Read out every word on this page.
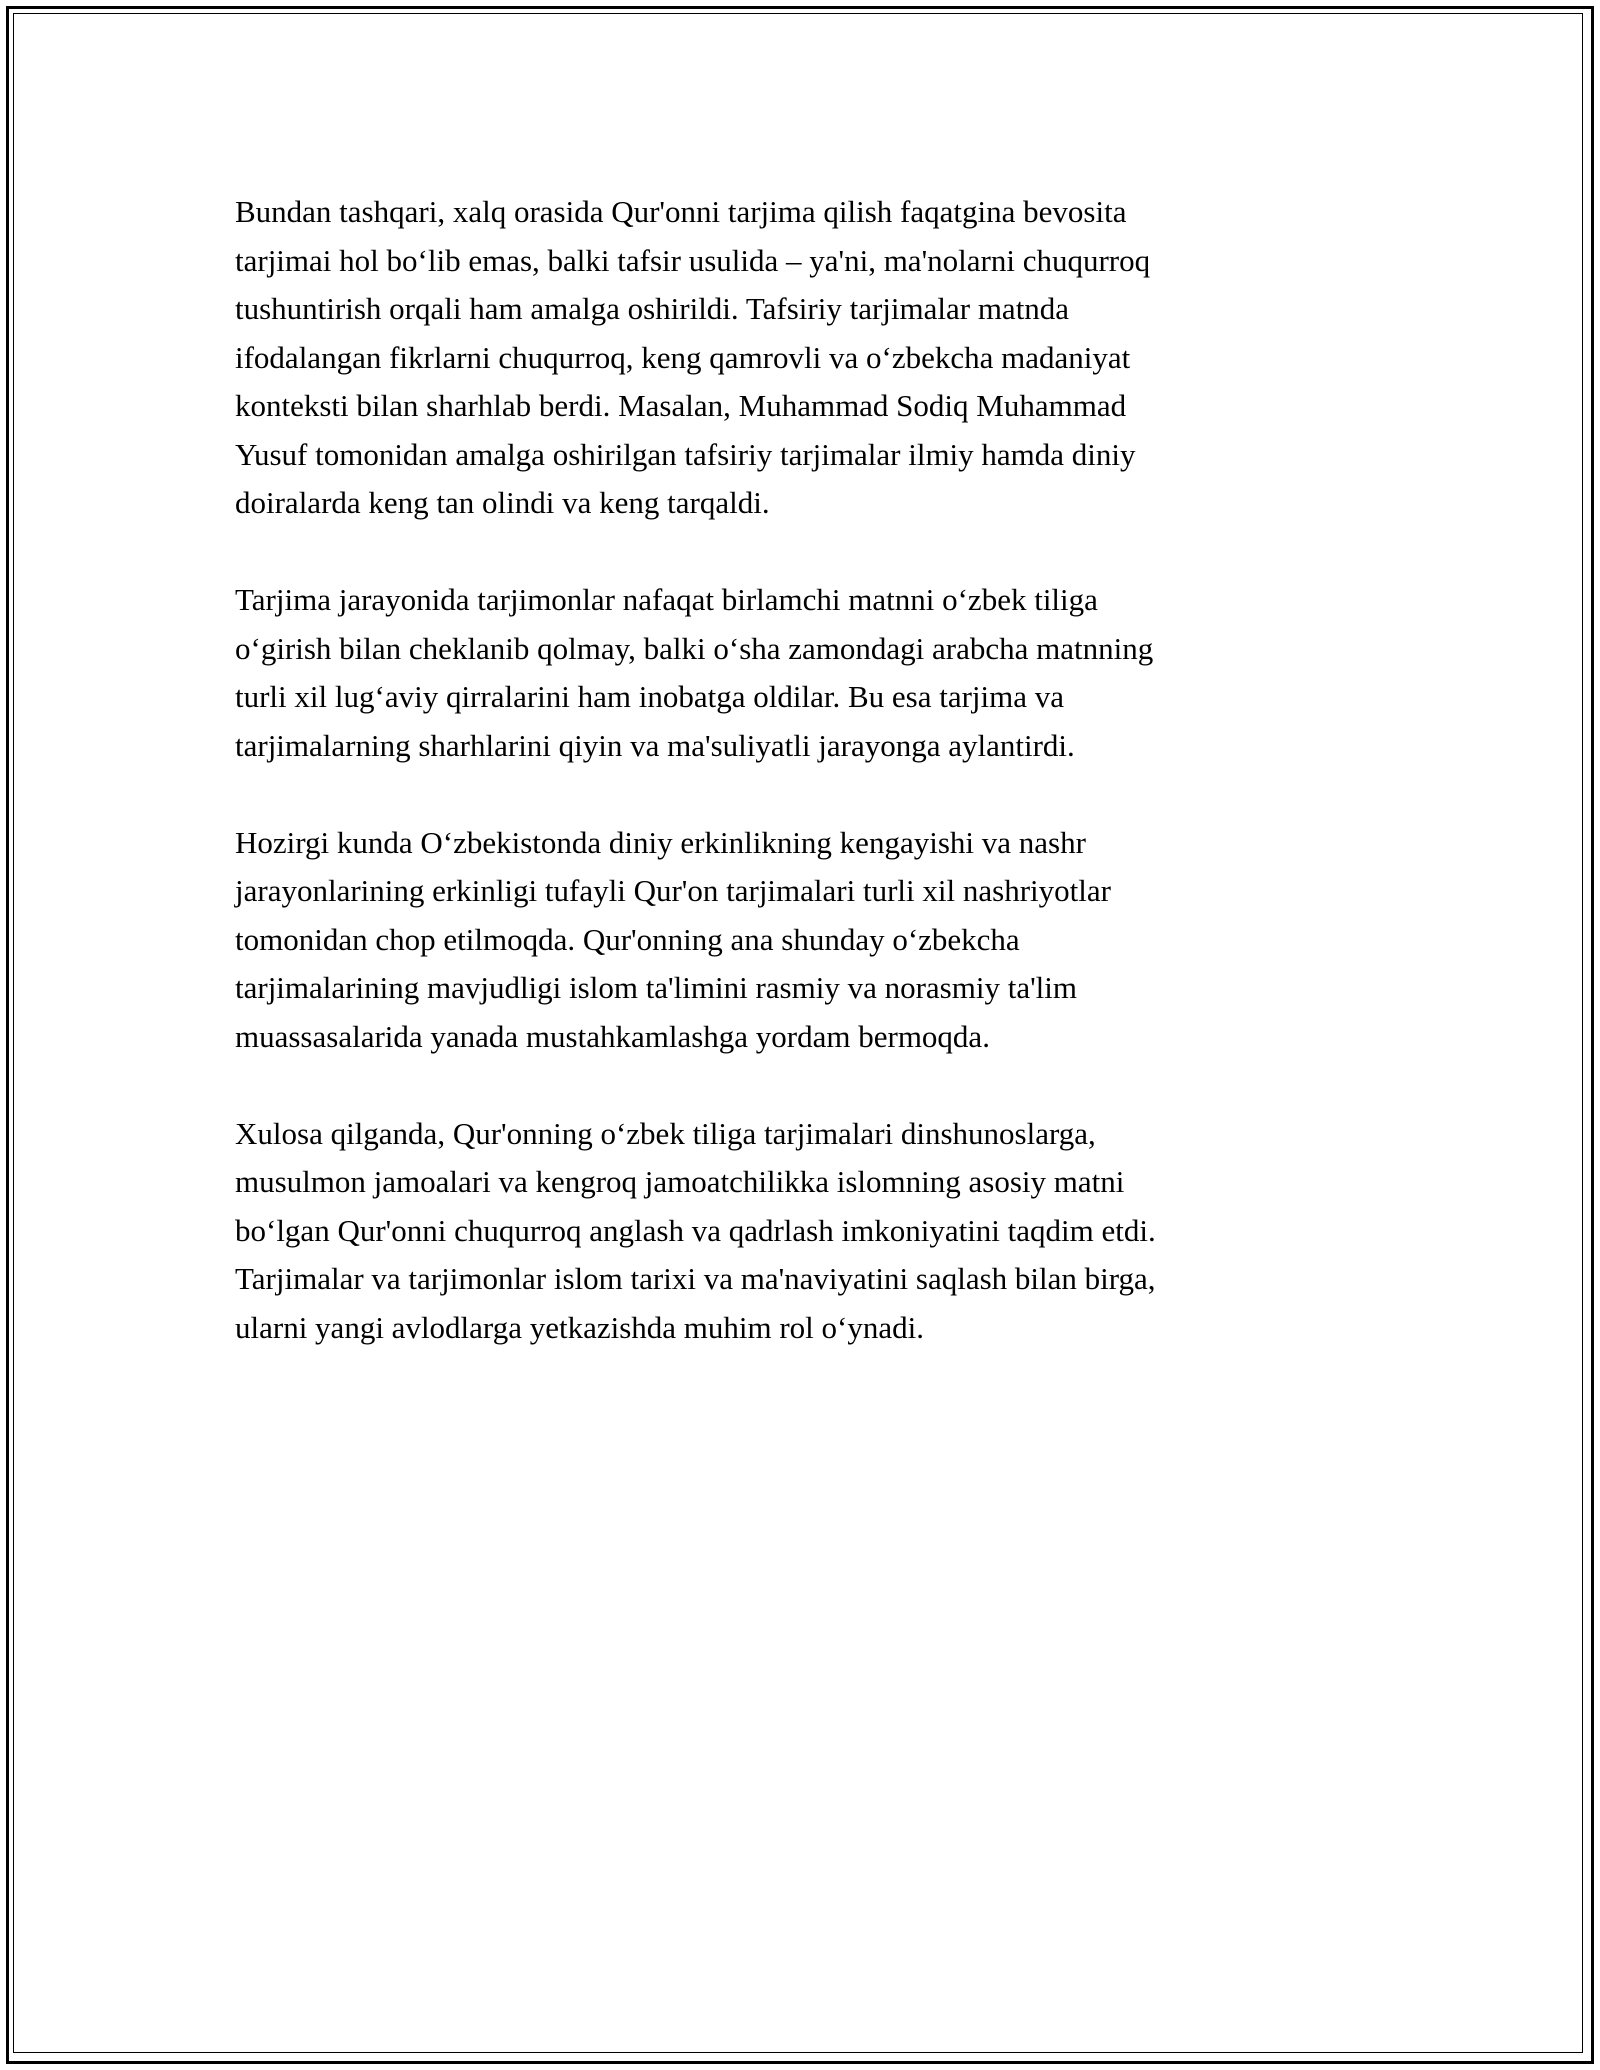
Bundan tashqari, xalq orasida Qur'onni tarjima qilish faqatgina bevosita
tarjimai hol boʻlib emas, balki tafsir usulida – ya'ni, ma'nolarni chuqurroq
tushuntirish orqali ham amalga oshirildi. Tafsiriy tarjimalar matnda
ifodalangan fikrlarni chuqurroq, keng qamrovli va oʻzbekcha madaniyat
konteksti bilan sharhlab berdi. Masalan, Muhammad Sodiq Muhammad
Yusuf tomonidan amalga oshirilgan tafsiriy tarjimalar ilmiy hamda diniy
doiralarda keng tan olindi va keng tarqaldi.

Tarjima jarayonida tarjimonlar nafaqat birlamchi matnni oʻzbek tiliga
oʻgirish bilan cheklanib qolmay, balki oʻsha zamondagi arabcha matnning
turli xil lugʻaviy qirralarini ham inobatga oldilar. Bu esa tarjima va
tarjimalarning sharhlarini qiyin va ma'suliyatli jarayonga aylantirdi.

Hozirgi kunda Oʻzbekistonda diniy erkinlikning kengayishi va nashr
jarayonlarining erkinligi tufayli Qur'on tarjimalari turli xil nashriyotlar
tomonidan chop etilmoqda. Qur'onning ana shunday oʻzbekcha
tarjimalarining mavjudligi islom ta'limini rasmiy va norasmiy ta'lim
muassasalarida yanada mustahkamlashga yordam bermoqda.

Xulosa qilganda, Qur'onning oʻzbek tiliga tarjimalari dinshunoslarga,
musulmon jamoalari va kengroq jamoatchilikka islomning asosiy matni
boʻlgan Qur'onni chuqurroq anglash va qadrlash imkoniyatini taqdim etdi.
Tarjimalar va tarjimonlar islom tarixi va ma'naviyatini saqlash bilan birga,
ularni yangi avlodlarga yetkazishda muhim rol oʻynadi.
